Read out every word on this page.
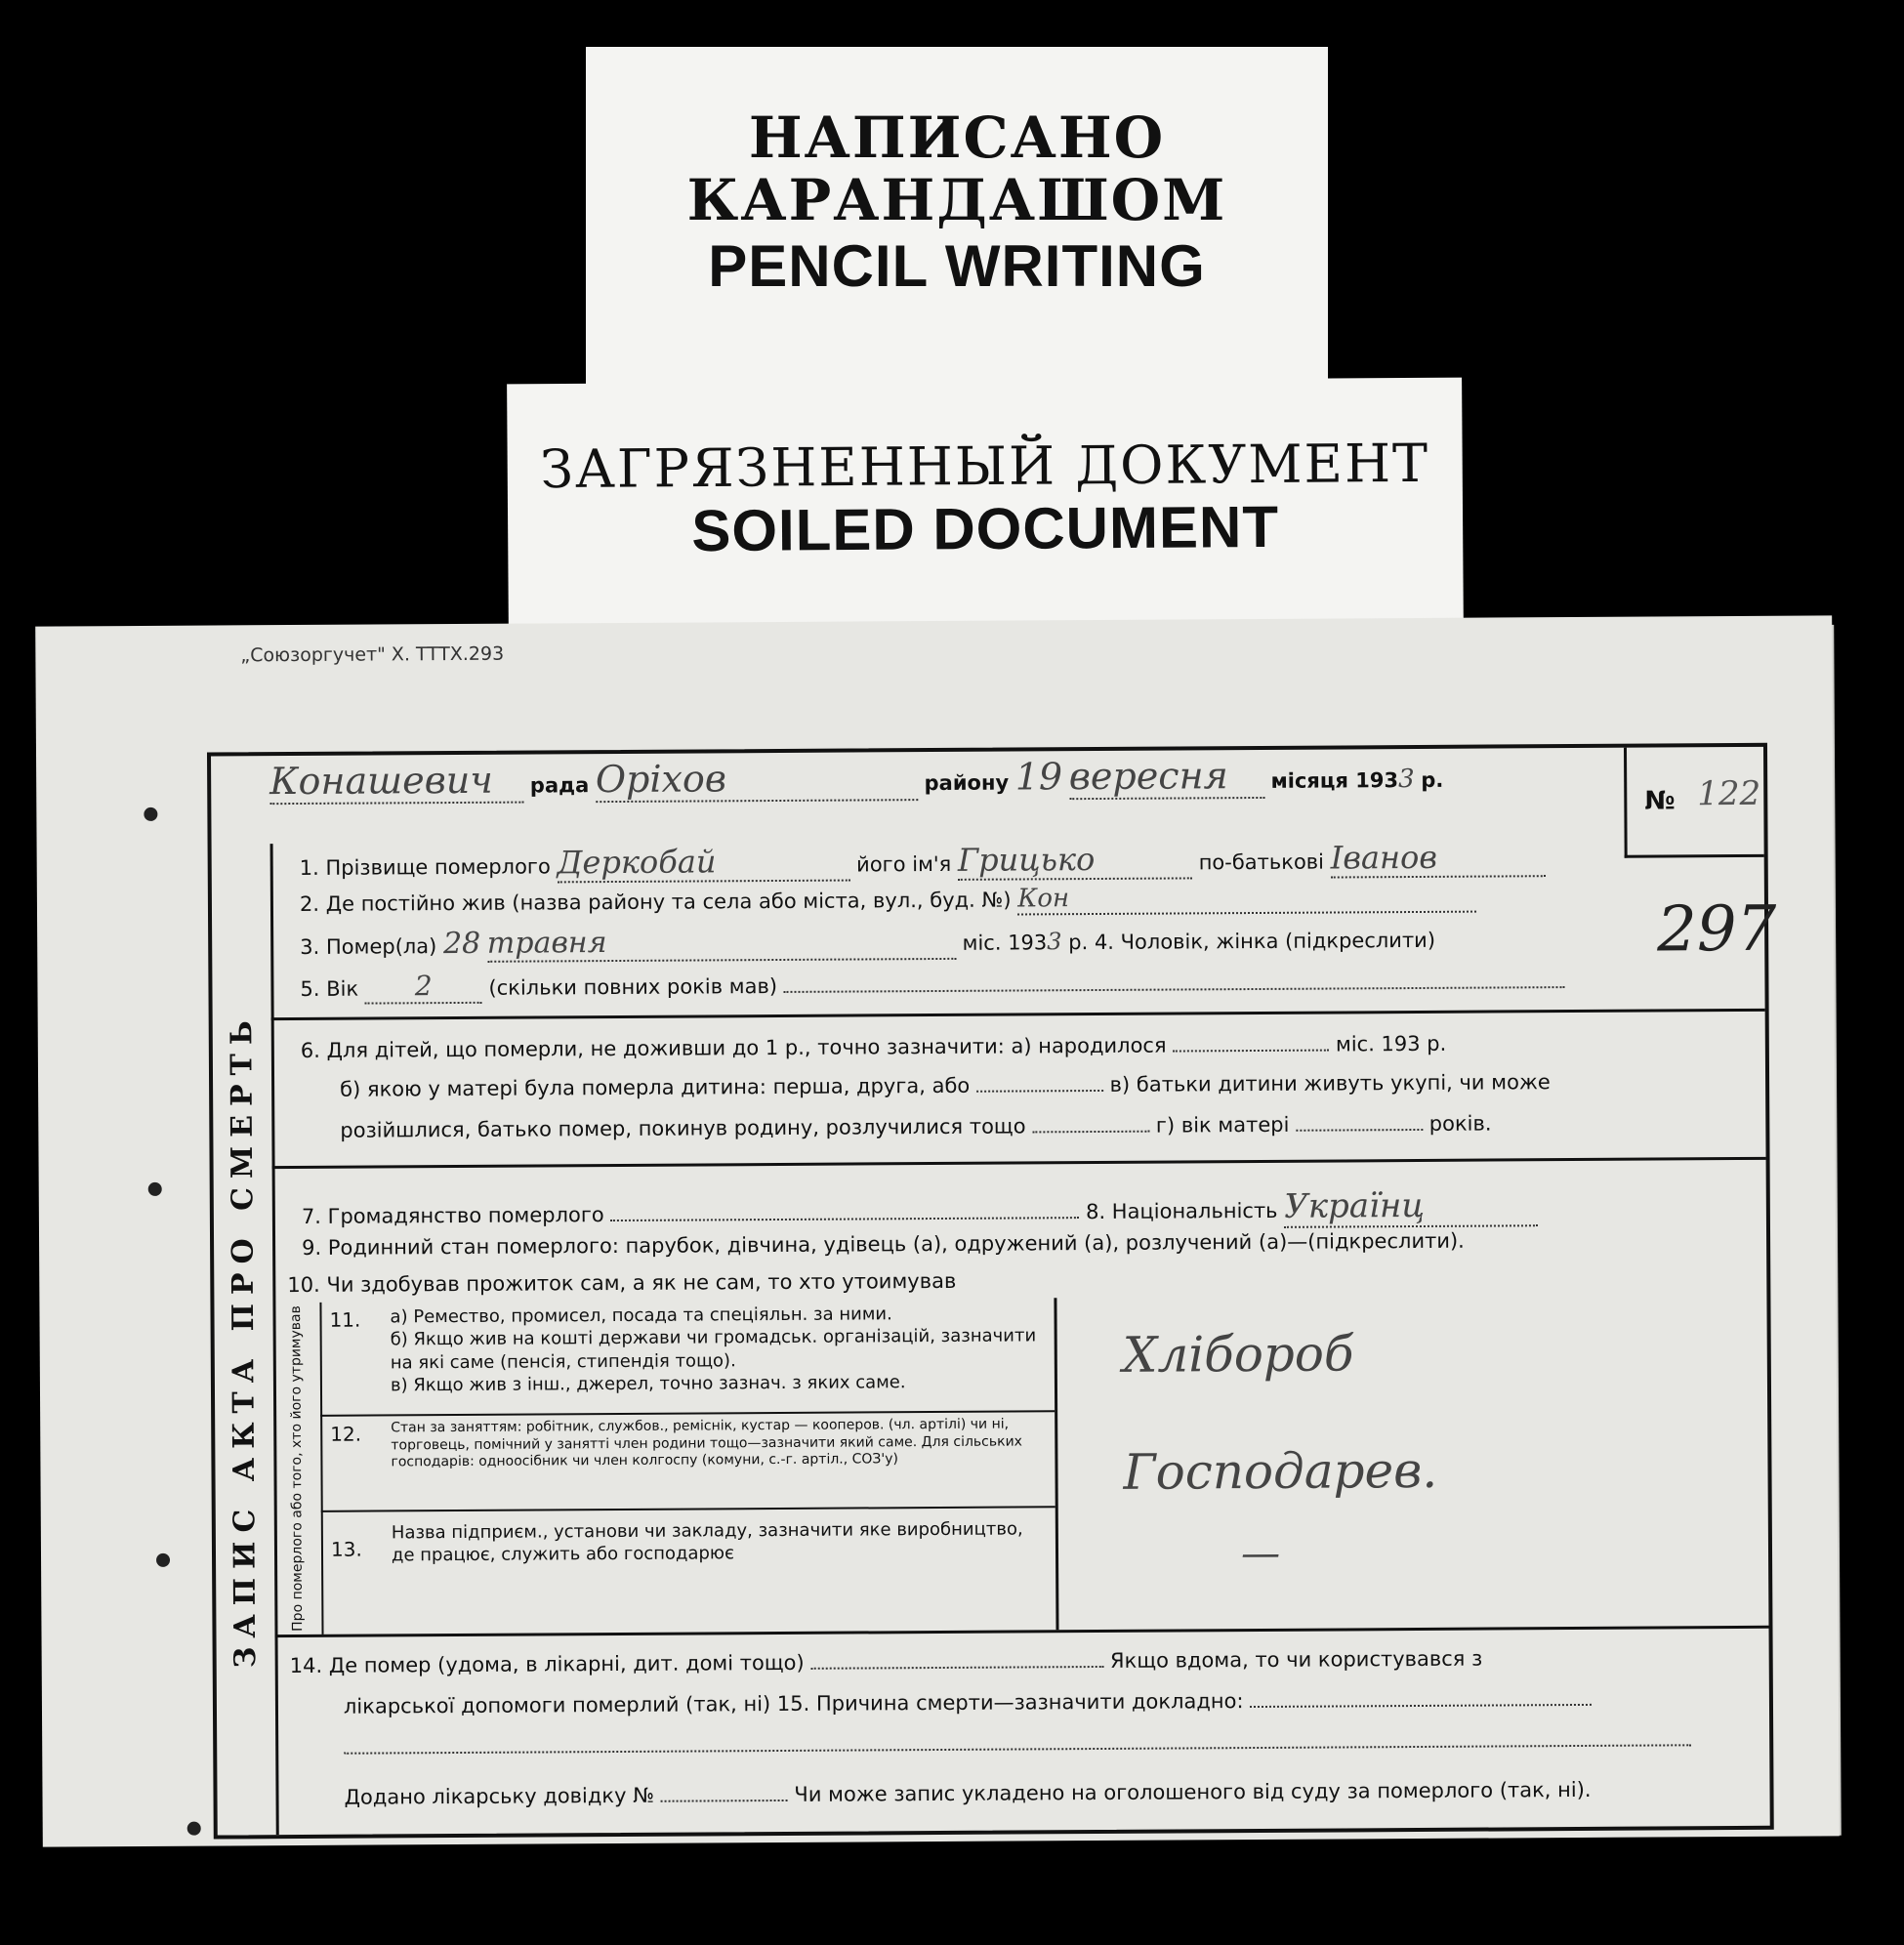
НАПИСАНО
КАРАНДАШОМ
PENCIL WRITING
ЗАГРЯЗНЕННЫЙ ДОКУМЕНТ
SOILED DOCUMENT
„Союзоргучет" Х. ТТТХ.293
№ 122
Конашевич рада Оріхов	району 19 вересня місяця 1933 р.
ЗАПИС АКТА ПРО СМЕРТЬ
1. Прізвище померлого Деркобай	його ім'я Грицько	по-батькові Іванов
2. Де постійно жив (назва району та села або міста, вул., буд. №) Кон
3. Помер(ла) 28 травня	міс. 1933 р. 4. Чоловік, жінка (підкреслити)	297
5. Вік 2	(скільки повних років мав)
6. Для дітей, що померли, не доживши до 1 р., точно зазначити: а) народилося	міс. 193 р.
б) якою у матері була померла дитина: перша, друга, або	в) батьки дитини живуть укупі, чи може
розійшлися, батько помер, покинув родину, розлучилися тощо	г) вік матері	років.
7. Громадянство померлого	8. Національність Українц
9. Родинний стан померлого: парубок, дівчина, удівець (а), одружений (а), розлучений (а)—(підкреслити).
10. Чи здобував прожиток сам, а як не сам, то хто утоимував
Про померлого або того, хто його утримував 11. а) Ремество, промисел, посада та спеціяльн. за ними.
б) Якщо жив на коштi держави чи громадськ. організацій, зазначити на які саме (пенсія, стипендія тощо).
в) Якщо жив з інш., джерел, точно зазнач. з яких саме.
12. Стан за заняттям: робітник, службов., реміснік, кустар — кооперов. (чл. артілі) чи ні, торговець, помічний у занятті член родини тощо—зазначити який саме. Для сільських господарів: одноосібник чи член колгоспу (комуни, с.-г. артіл., СОЗ'у)
13.
Назва підприєм., установи чи закладу, зазначити яке виробництво, де працює, служить або господарює
Хлібороб
Господарев.
—
14. Де помер (удома, в лікарні, дит. домі тощо)	Якщо вдома, то чи користувався з
лікарської допомоги померлий (так, ні) 15. Причина смерти—зазначити докладно:
Додано лікарську довідку №	Чи може запис укладено на оголошеного від суду за померлого (так, ні).
